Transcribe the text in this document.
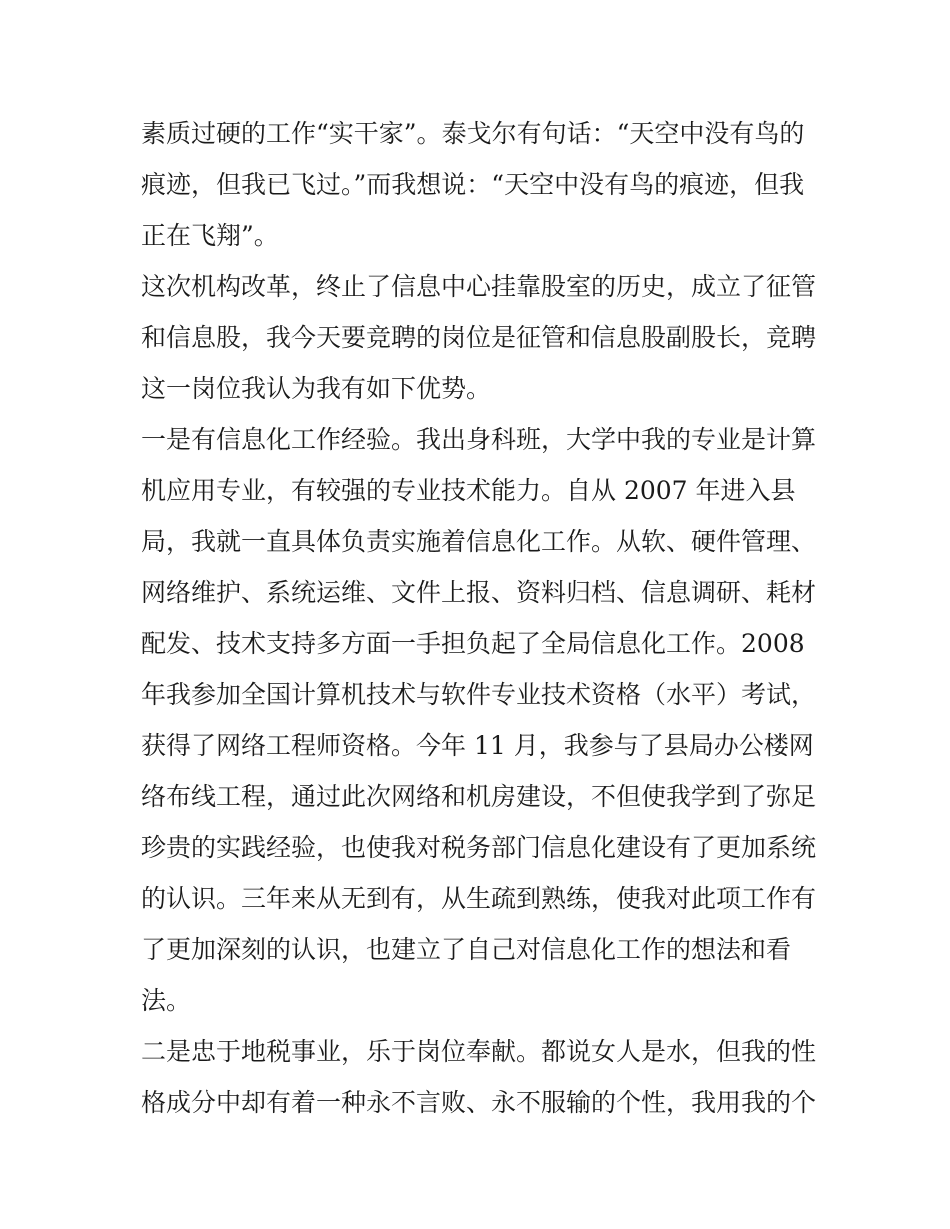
素质过硬的工作“实干家”。泰戈尔有句话：“天空中没有鸟的
痕迹，但我已飞过。”而我想说：“天空中没有鸟的痕迹，但我
正在飞翔”。
这次机构改革，终止了信息中心挂靠股室的历史，成立了征管
和信息股，我今天要竞聘的岗位是征管和信息股副股长，竞聘
这一岗位我认为我有如下优势。
一是有信息化工作经验。我出身科班，大学中我的专业是计算
机应用专业，有较强的专业技术能力。自从 2007 年进入县
局，我就一直具体负责实施着信息化工作。从软、硬件管理、
网络维护、系统运维、文件上报、资料归档、信息调研、耗材
配发、技术支持多方面一手担负起了全局信息化工作。2008
年我参加全国计算机技术与软件专业技术资格（水平）考试，
获得了网络工程师资格。今年 11 月，我参与了县局办公楼网
络布线工程，通过此次网络和机房建设，不但使我学到了弥足
珍贵的实践经验，也使我对税务部门信息化建设有了更加系统
的认识。三年来从无到有，从生疏到熟练，使我对此项工作有
了更加深刻的认识，也建立了自己对信息化工作的想法和看
法。
二是忠于地税事业，乐于岗位奉献。都说女人是水，但我的性
格成分中却有着一种永不言败、永不服输的个性，我用我的个
